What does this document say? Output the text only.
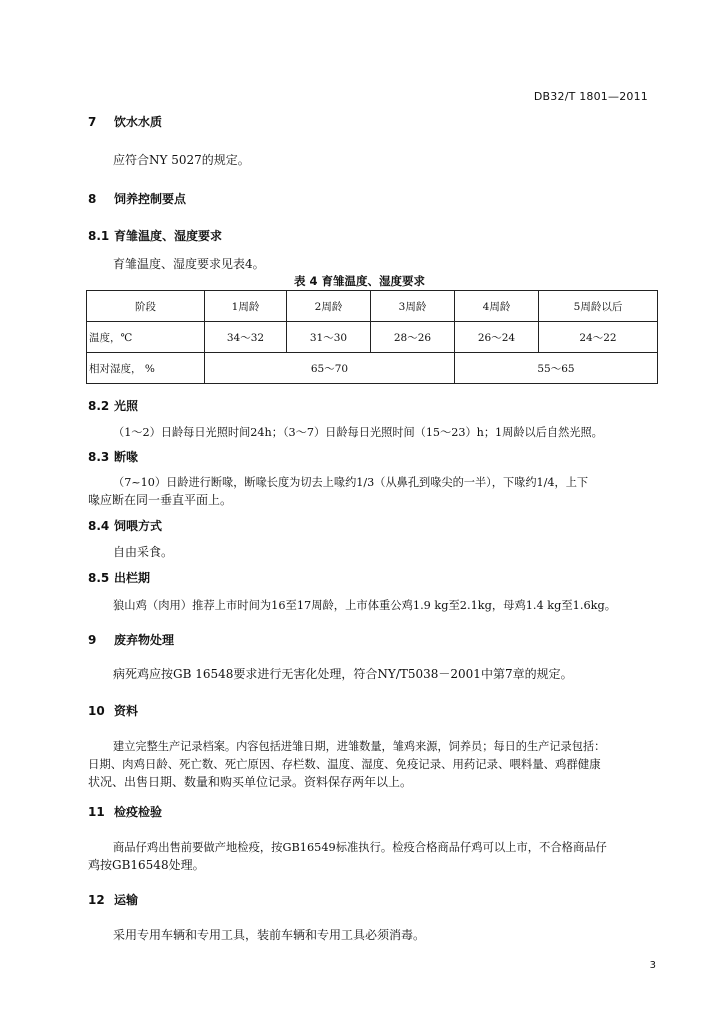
DB32/T 1801—2011
7 饮水水质
应符合NY 5027的规定。
8 饲养控制要点
8.1 育雏温度、湿度要求
育雏温度、湿度要求见表4。
表 4 育雏温度、湿度要求
阶段	1周龄	2周龄	3周龄	4周龄	5周龄以后
温度，℃	34～32	31～30	28～26	26～24	24～22
相对湿度， %	65～70			55～65	
8.2 光照
（1～2）日龄每日光照时间24h；（3～7）日龄每日光照时间（15～23）h；1周龄以后自然光照。
8.3 断喙
（7~10）日龄进行断喙，断喙长度为切去上喙约1/3（从鼻孔到喙尖的一半），下喙约1/4，上下
喙应断在同一垂直平面上。
8.4 饲喂方式
自由采食。
8.5 出栏期
狼山鸡（肉用）推荐上市时间为16至17周龄，上市体重公鸡1.9 kg至2.1kg，母鸡1.4 kg至1.6kg。
9 废弃物处理
病死鸡应按GB 16548要求进行无害化处理，符合NY/T5038－2001中第7章的规定。
10 资料
建立完整生产记录档案。内容包括进雏日期，进雏数量，雏鸡来源，饲养员；每日的生产记录包括：
日期、肉鸡日龄、死亡数、死亡原因、存栏数、温度、湿度、免疫记录、用药记录、喂料量、鸡群健康
状况、出售日期、数量和购买单位记录。资料保存两年以上。
11 检疫检验
商品仔鸡出售前要做产地检疫，按GB16549标准执行。检疫合格商品仔鸡可以上市，不合格商品仔
鸡按GB16548处理。
12 运输
采用专用车辆和专用工具，装前车辆和专用工具必须消毒。
3
